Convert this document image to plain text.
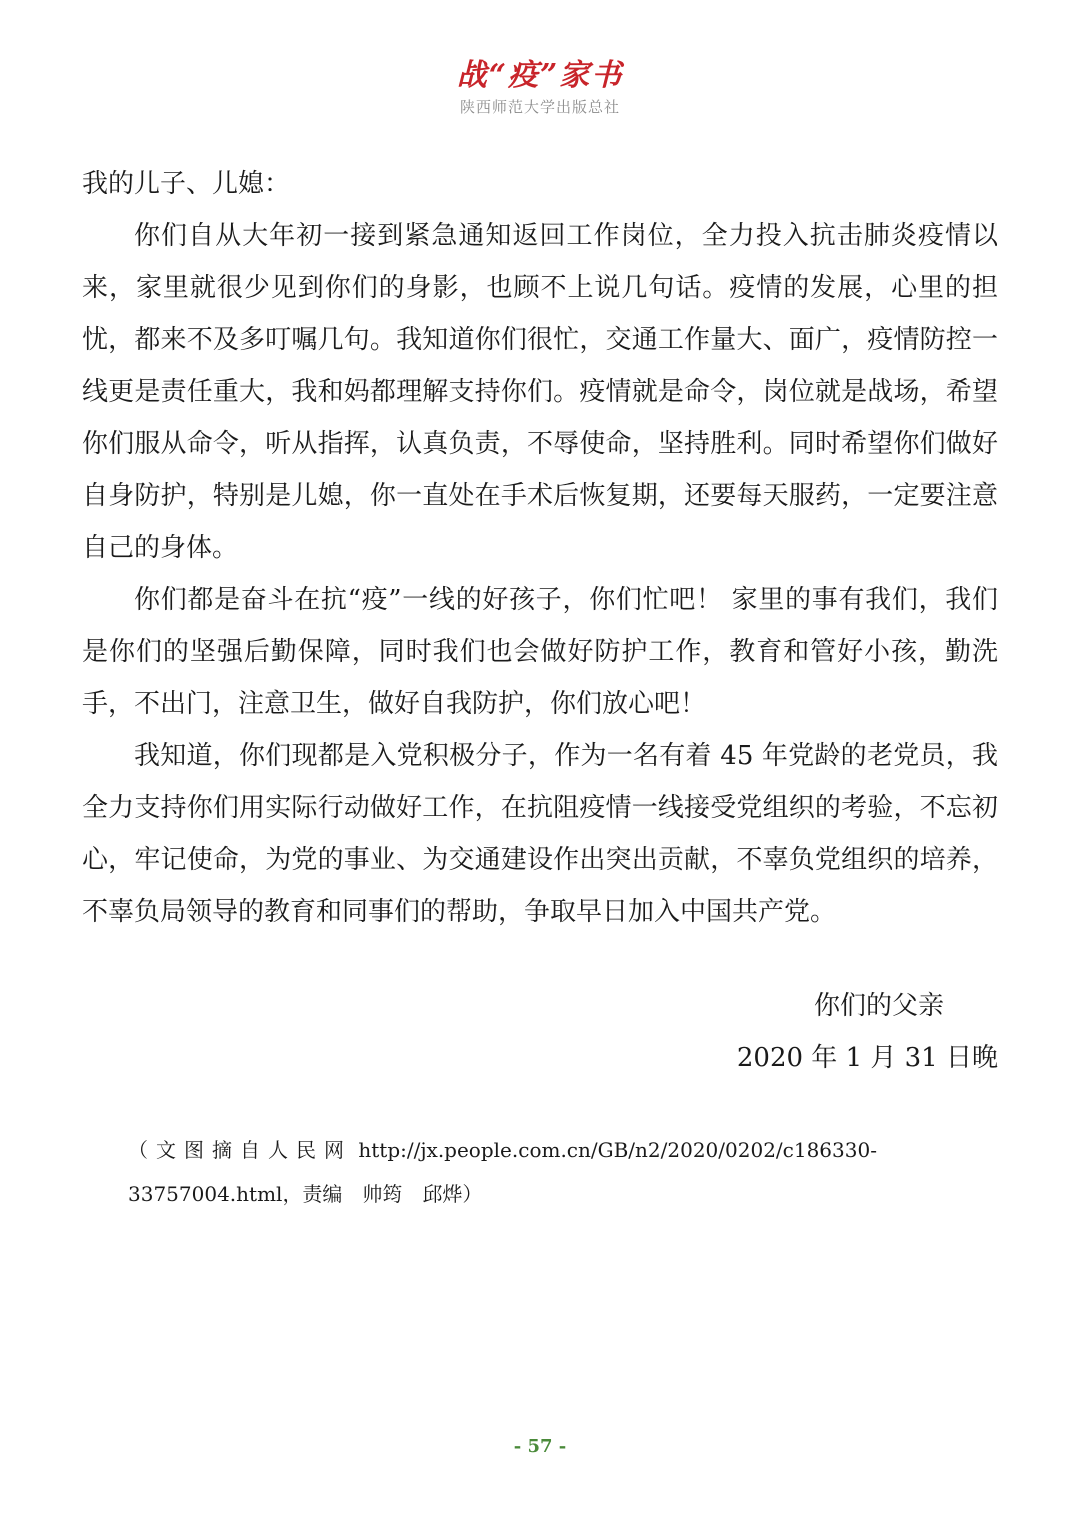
战“疫”家书
陕西师范大学出版总社

我的儿子、儿媳：

你们自从大年初一接到紧急通知返回工作岗位，全力投入抗击肺炎疫情以来，家里就很少见到你们的身影，也顾不上说几句话。疫情的发展，心里的担忧，都来不及多叮嘱几句。我知道你们很忙，交通工作量大、面广，疫情防控一线更是责任重大，我和妈都理解支持你们。疫情就是命令，岗位就是战场，希望你们服从命令，听从指挥，认真负责，不辱使命，坚持胜利。同时希望你们做好自身防护，特别是儿媳，你一直处在手术后恢复期，还要每天服药，一定要注意自己的身体。

你们都是奋斗在抗“疫”一线的好孩子，你们忙吧！ 家里的事有我们，我们是你们的坚强后勤保障，同时我们也会做好防护工作，教育和管好小孩，勤洗手，不出门，注意卫生，做好自我防护，你们放心吧！

我知道，你们现都是入党积极分子，作为一名有着 45 年党龄的老党员，我全力支持你们用实际行动做好工作，在抗阻疫情一线接受党组织的考验，不忘初心，牢记使命，为党的事业、为交通建设作出突出贡献，不辜负党组织的培养，不辜负局领导的教育和同事们的帮助，争取早日加入中国共产党。

你们的父亲
2020 年 1 月 31 日晚
（文图摘自人民网 http://jx.people.com.cn/GB/n2/2020/0202/c186330-33757004.html，责编　帅筠　邱烨）
- 57 -
